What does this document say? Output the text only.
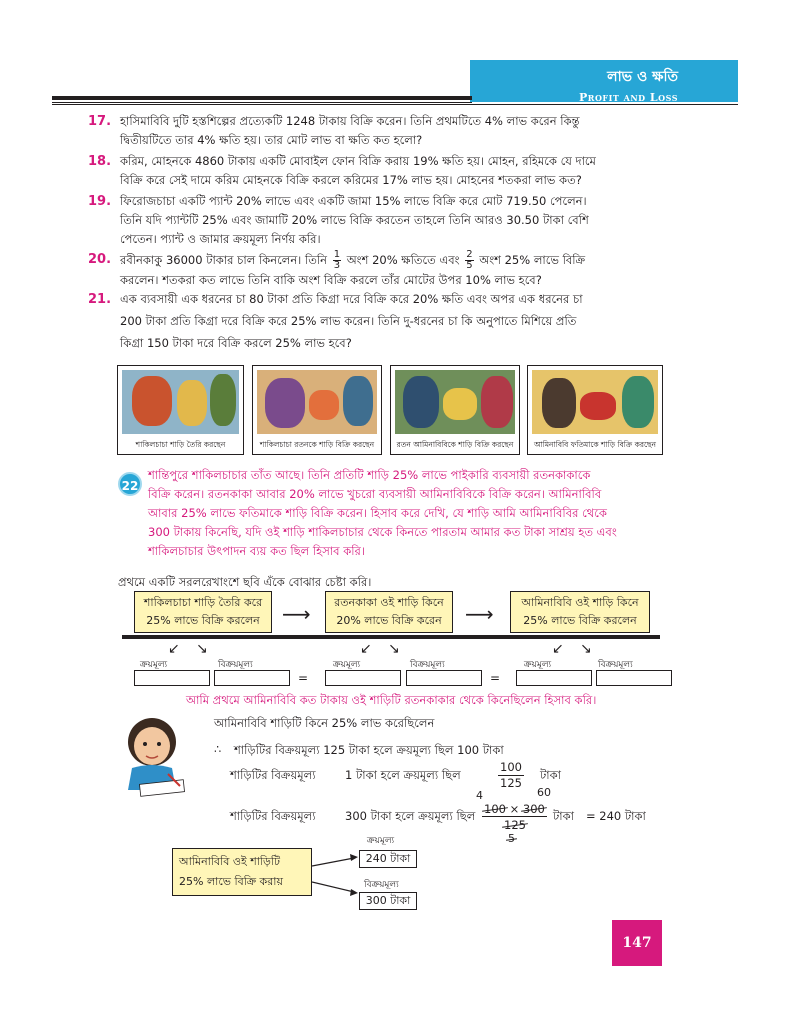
লাভ ও ক্ষতি
Profit and Loss
17. হাসিমাবিবি দুটি হস্তশিল্পের প্রত্যেকটি 1248 টাকায় বিক্রি করেন। তিনি প্রথমটিতে 4% লাভ করেন কিন্তু
দ্বিতীয়টিতে তার 4% ক্ষতি হয়। তার মোট লাভ বা ক্ষতি কত হলো?
18. করিম, মোহনকে 4860 টাকায় একটি মোবাইল ফোন বিক্রি করায় 19% ক্ষতি হয়। মোহন, রহিমকে যে দামে
বিক্রি করে সেই দামে করিম মোহনকে বিক্রি করলে করিমের 17% লাভ হয়। মোহনের শতকরা লাভ কত?
19. ফিরোজচাচা একটি প্যান্ট 20% লাভে এবং একটি জামা 15% লাভে বিক্রি করে মোট 719.50 পেলেন।
তিনি যদি প্যান্টটি 25% এবং জামাটি 20% লাভে বিক্রি করতেন তাহলে তিনি আরও 30.50 টাকা বেশি
পেতেন। প্যান্ট ও জামার ক্রয়মূল্য নির্ণয় করি।
20. রবীনকাকু 36000 টাকার চাল কিনলেন। তিনি $\frac{1}{3}$ অংশ 20% ক্ষতিতে এবং $\frac{2}{5}$ অংশ 25% লাভে বিক্রি
করলেন। শতকরা কত লাভে তিনি বাকি অংশ বিক্রি করলে তাঁর মোটের উপর 10% লাভ হবে?
21. এক ব্যবসায়ী এক ধরনের চা 80 টাকা প্রতি কিগ্রা দরে বিক্রি করে 20% ক্ষতি এবং অপর এক ধরনের চা
200 টাকা প্রতি কিগ্রা দরে বিক্রি করে 25% লাভ করেন। তিনি দু-ধরনের চা কি অনুপাতে মিশিয়ে প্রতি
কিগ্রা 150 টাকা দরে বিক্রি করলে 25% লাভ হবে?
শাকিলচাচা শাড়ি তৈরি করছেন	শাকিলচাচা রতনকে শাড়ি বিক্রি করছেন	রতন আমিনাবিবিকে শাড়ি বিক্রি করছেন	আমিনাবিবি ফতিমাকে শাড়ি বিক্রি করছেন
22
শান্তিপুরে শাকিলচাচার তাঁত আছে। তিনি প্রতিটি শাড়ি 25% লাভে পাইকারি ব্যবসায়ী রতনকাকাকে
বিক্রি করেন। রতনকাকা আবার 20% লাভে খুচরো ব্যবসায়ী আমিনাবিবিকে বিক্রি করেন। আমিনাবিবি
আবার 25% লাভে ফতিমাকে শাড়ি বিক্রি করেন। হিসাব করে দেখি, যে শাড়ি আমি আমিনাবিবির থেকে
300 টাকায় কিনেছি, যদি ওই শাড়ি শাকিলচাচার থেকে কিনতে পারতাম আমার কত টাকা সাশ্রয় হত এবং
শাকিলচাচার উৎপাদন ব্যয় কত ছিল হিসাব করি।
প্রথমে একটি সরলরেখাংশে ছবি এঁকে বোঝার চেষ্টা করি।
শাকিলচাচা শাড়ি তৈরি করে
25% লাভে বিক্রি করলেন ⟶ রতনকাকা ওই শাড়ি কিনে
20% লাভে বিক্রি করেন ⟶	আমিনাবিবি ওই শাড়ি কিনে
25% লাভে বিক্রি করলেন
↙ ↘	↙ ↘	↙ ↘
ক্রয়মূল্য	বিক্রয়মূল্য	ক্রয়মূল্য	বিক্রয়মূল্য	ক্রয়মূল্য	বিক্রয়মূল্য
=	=
আমি প্রথমে আমিনাবিবি কত টাকায় ওই শাড়িটি রতনকাকার থেকে কিনেছিলেন হিসাব করি।
আমিনাবিবি শাড়িটি কিনে 25% লাভ করেছিলেন
∴ শাড়িটির বিক্রয়মূল্য 125 টাকা হলে ক্রয়মূল্য ছিল 100 টাকা
শাড়িটির বিক্রয়মূল্য	1 টাকা হলে ক্রয়মূল্য ছিল	$\frac{100}{125}$ টাকা
শাড়িটির বিক্রয়মূল্য	300 টাকা হলে ক্রয়মূল্য ছিল
4	60
100 × 300
125
5
টাকা = 240 টাকা
ক্রয়মূল্য
আমিনাবিবি ওই শাড়িটি
25% লাভে বিক্রি করায়
240 টাকা
বিক্রয়মূল্য
300 টাকা
147
